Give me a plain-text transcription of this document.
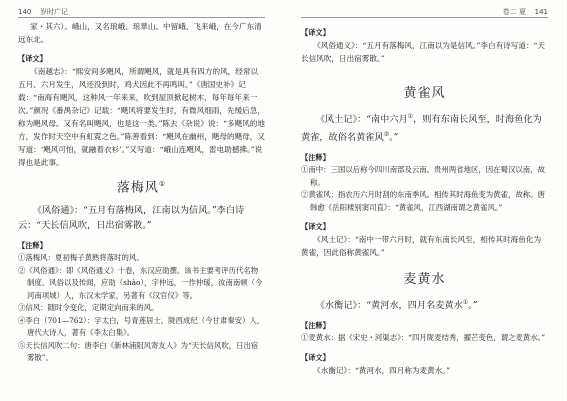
140 岁时广记

家・其六）。峨山，又名琅峨、琅華山、中留峨、飞来峨，在今广东清远东北。

【译文】

《南越志》：“熙安间多飓风，所谓飓风，就是具有四方的风，经常以五月、六月发生，风还没到时，鸡犬因此不再鸣叫。”《唐国史补》记载：“南海有飓风，这种风一年来来，吹到屋顶掀起树木，每年每年来一次。”颜况《番禺杂记》记载：“飓风将要发生时，有微风细雨，先缓后急，称为飓风母。又有名叫飓风，也是这一类。”陈去《杂说》说：“多飓风的地方，发作时天空中有虹霓之色。”陈善看到：“飓风在幽州，飓母的飓母，又写道：‘飓风可怕，就融着衣衫’。”又写道：“峨山连飓风，雷电助撼拂。”说得也是此事。

落梅风①

《风俗通》：“五月有落梅风，江南以为信风。”李白诗云：“天长信风吹，日出宿雾散。”

【注释】

①落梅风：夏初梅子黄熟将落时的风。

②《风俗通》：即《风俗通义》十卷，东汉应劭撰。该书主要考评历代名物制度、风俗以及传闻，应劭（shào），字仲远，一作仲瑗，汝南南顿（今河南项城）人，东汉末学家，另著有《汉官仪》等。

③信风：随时令变化，定期定向而来的风。

④李白（701—762）：字太白，号青莲居士，陇西成纪（今甘肃秦安）人，唐代大诗人，著有《李太白集》。

⑤天长信风吹二句：唐李白《新林浦阻风寄友人》为“天长信风吹，日出宿雾散”。

卷二 夏 141
【译文】

《风俗通义》：“五月有落梅风，江南以为是信风。”李白有诗写道：“天长信风吹，日出宿雾散。”

黄雀风

《风土记》：“南中六月①，则有东南长风至，时海鱼化为黄雀，故俗名黄雀风②。”

【注释】

①南中：三国以后称今四川南部及云南、贵州两省地区，因在蜀汉以南，故称。

②黄雀风：指农历六月时刮的东南季风。相传其时海鱼变为黄雀，故称。唐韩愈《岳阳楼别窦司直》：“黄雀风，江西湖南谓之黄雀风。”

【译文】

《风土记》：“南中一带六月时，就有东南长风至，相传其时海鱼化为黄雀，因此俗称黄雀风。”

麦黄水

《水衡记》：“黄河水，四月名麦黄水①。”

【注释】

①麦黄水：据《宋史・河渠志》：“四月陇麦结秀，擢芒变色，谓之麦黄水。”

【译文】

《水衡记》：“黄河水，四月称为麦黄水。”
